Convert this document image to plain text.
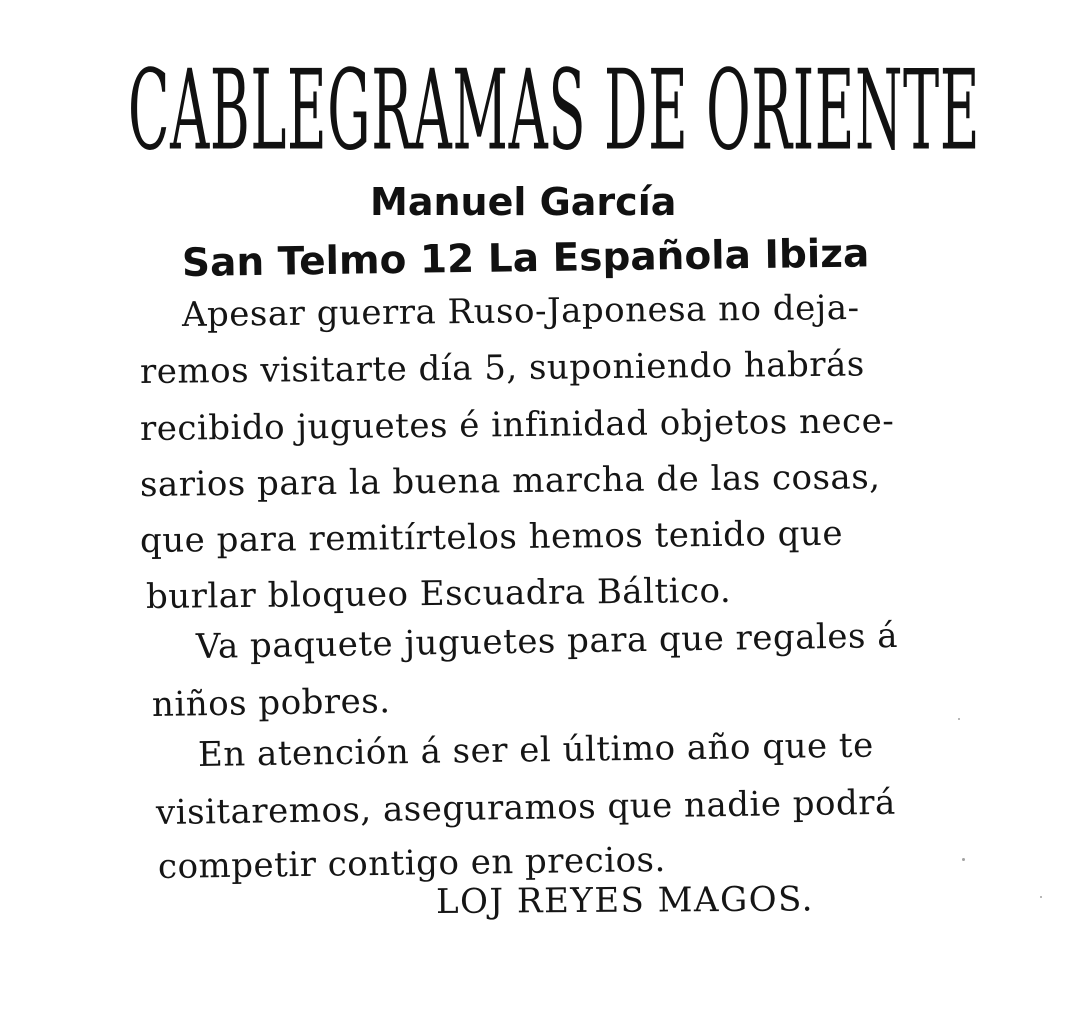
CABLEGRAMAS DE ORIENTE
Manuel García
San Telmo 12 La Española Ibiza
Apesar guerra Ruso-Japonesa no deja-
remos visitarte día 5, suponiendo habrás
recibido juguetes é infinidad objetos nece-
sarios para la buena marcha de las cosas,
que para remitírtelos hemos tenido que
burlar bloqueo Escuadra Báltico.
Va paquete juguetes para que regales á
niños pobres.
En atención á ser el último año que te
visitaremos, aseguramos que nadie podrá
competir contigo en precios.
LOJ REYES MAGOS.
